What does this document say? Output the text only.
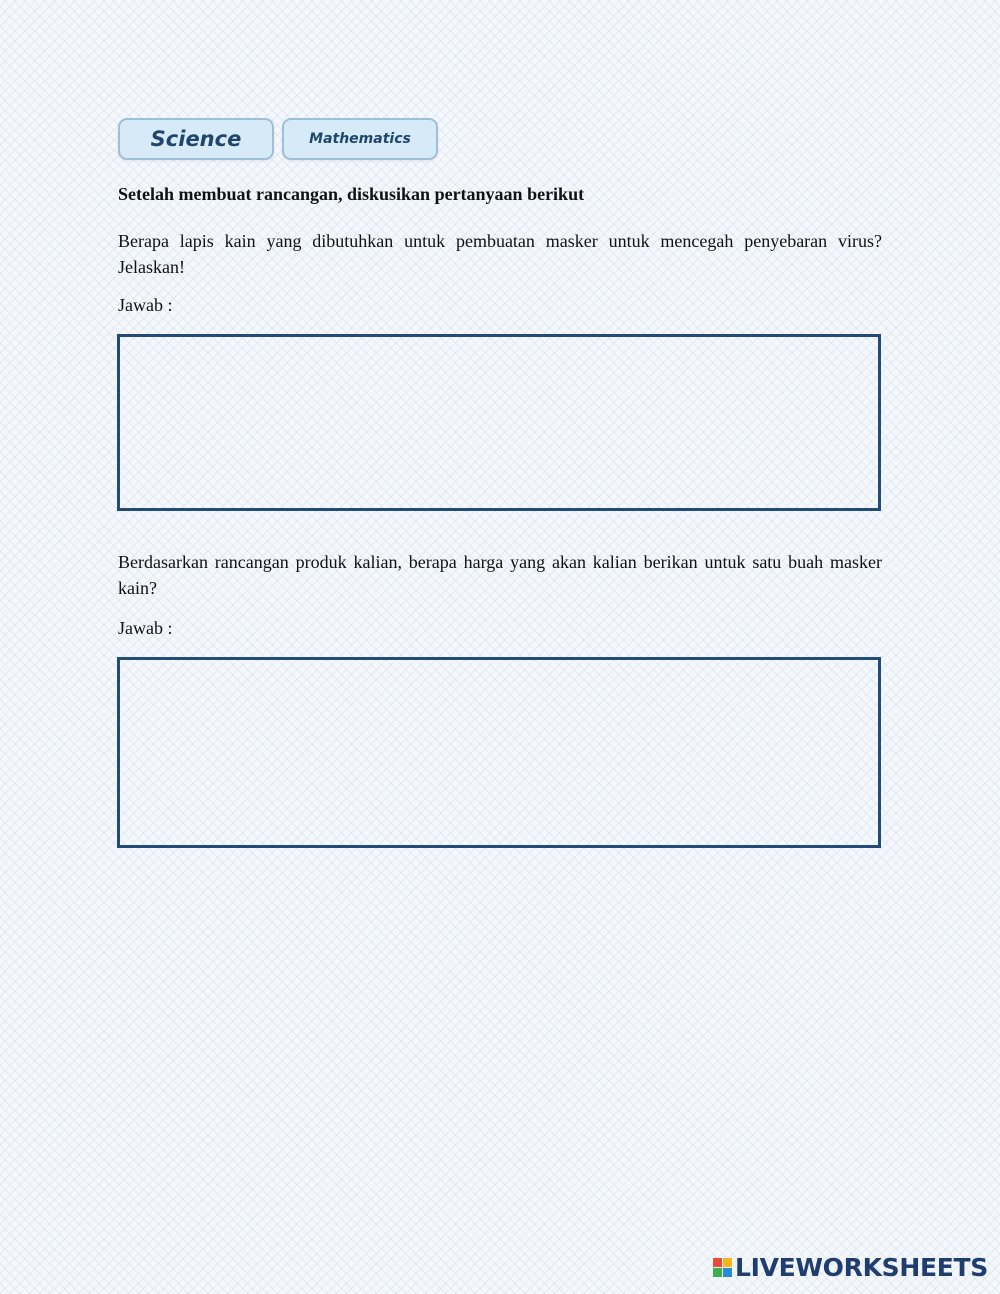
Science	Mathematics

Setelah membuat rancangan, diskusikan pertanyaan berikut

Berapa lapis kain yang dibutuhkan untuk pembuatan masker untuk mencegah penyebaran virus? Jelaskan!

Jawab :

Berdasarkan rancangan produk kalian, berapa harga yang akan kalian berikan untuk satu buah masker kain?

Jawab :

LIVEWORKSHEETS
